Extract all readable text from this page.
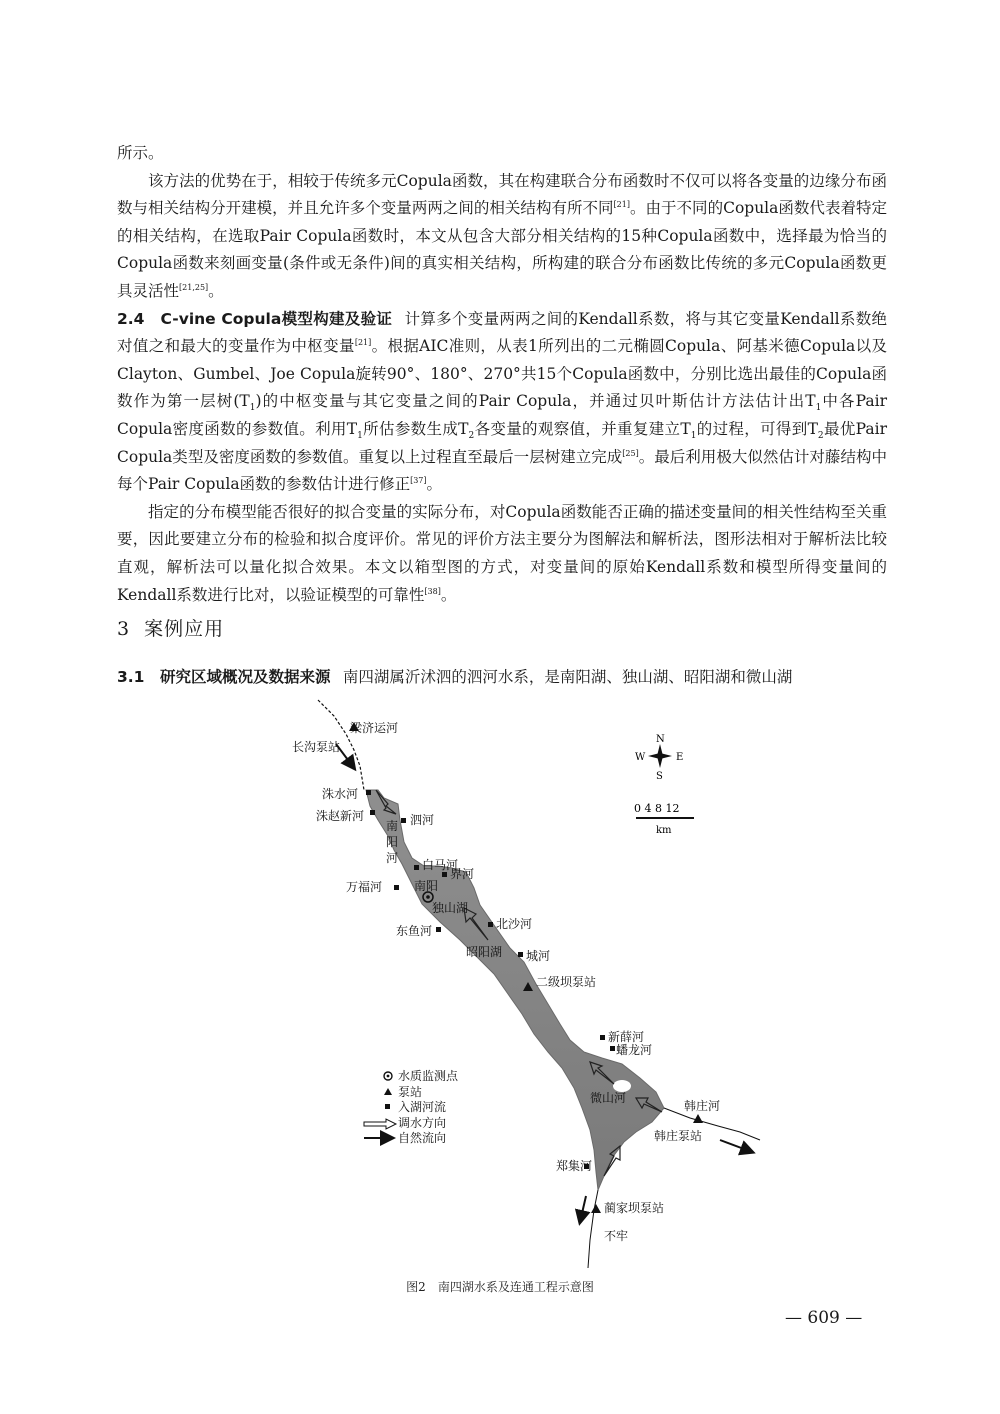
所示。

该方法的优势在于，相较于传统多元Copula函数，其在构建联合分布函数时不仅可以将各变量的边缘分布函数与相关结构分开建模，并且允许多个变量两两之间的相关结构有所不同[21]。由于不同的Copula函数代表着特定的相关结构，在选取Pair Copula函数时，本文从包含大部分相关结构的15种Copula函数中，选择最为恰当的Copula函数来刻画变量(条件或无条件)间的真实相关结构，所构建的联合分布函数比传统的多元Copula函数更具灵活性[21,25]。

2.4　C-vine Copula模型构建及验证 计算多个变量两两之间的Kendall系数，将与其它变量Kendall系数绝对值之和最大的变量作为中枢变量[21]。根据AIC准则，从表1所列出的二元椭圆Copula、阿基米德Copula以及Clayton、Gumbel、Joe Copula旋转90°、180°、270°共15个Copula函数中，分别比选出最佳的Copula函数作为第一层树$(T_1)$的中枢变量与其它变量之间的Pair Copula，并通过贝叶斯估计方法估计出$T_1$中各Pair Copula密度函数的参数值。利用$T_1$所估参数生成$T_2$各变量的观察值，并重复建立$T_1$的过程，可得到$T_2$最优Pair Copula类型及密度函数的参数值。重复以上过程直至最后一层树建立完成[25]。最后利用极大似然估计对藤结构中每个Pair Copula函数的参数估计进行修正[37]。

指定的分布模型能否很好的拟合变量的实际分布，对Copula函数能否正确的描述变量间的相关性结构至关重要，因此要建立分布的检验和拟合度评价。常见的评价方法主要分为图解法和解析法，图形法相对于解析法比较直观，解析法可以量化拟合效果。本文以箱型图的方式，对变量间的原始Kendall系数和模型所得变量间的Kendall系数进行比对，以验证模型的可靠性[38]。

3 案例应用
3.1　研究区域概况及数据来源 南四湖属沂沭泗的泗河水系，是南阳湖、独山湖、昭阳湖和微山湖
梁济运河
长沟泵站
洙水河
洙赵新河	泗河
南
阳
河 白马河
界河
万福河	南阳
独山湖
北沙河
东鱼河
昭阳湖 城河
二级坝泵站
新薛河
蟠龙河
微山河
韩庄河
韩庄泵站
郑集河
蔺家坝泵站
不牢
N
S
E
W
0 4 8 12
km
水质监测点
泵站
入湖河流
调水方向
自然流向
图2 南四湖水系及连通工程示意图
— 609 —
